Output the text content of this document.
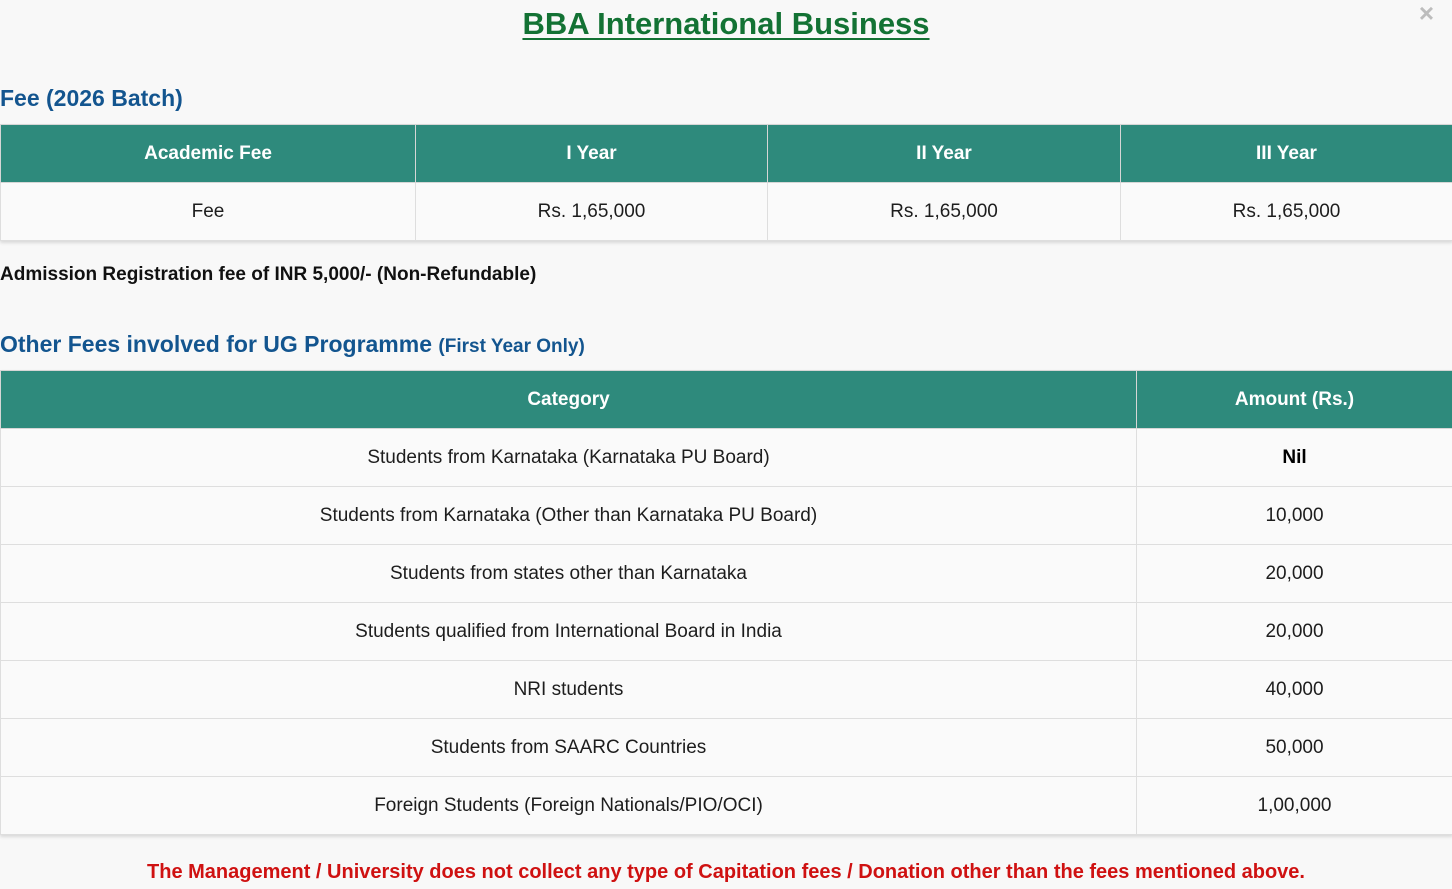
BBA International Business	×
Fee (2026 Batch)
Academic Fee	I Year	II Year	III Year
Fee	Rs. 1,65,000	Rs. 1,65,000	Rs. 1,65,000
Admission Registration fee of INR 5,000/- (Non-Refundable)
Other Fees involved for UG Programme (First Year Only)
Category	Amount (Rs.)
Students from Karnataka (Karnataka PU Board)	Nil
Students from Karnataka (Other than Karnataka PU Board)	10,000
Students from states other than Karnataka	20,000
Students qualified from International Board in India	20,000
NRI students	40,000
Students from SAARC Countries	50,000
Foreign Students (Foreign Nationals/PIO/OCI)	1,00,000
The Management / University does not collect any type of Capitation fees / Donation other than the fees mentioned above.
